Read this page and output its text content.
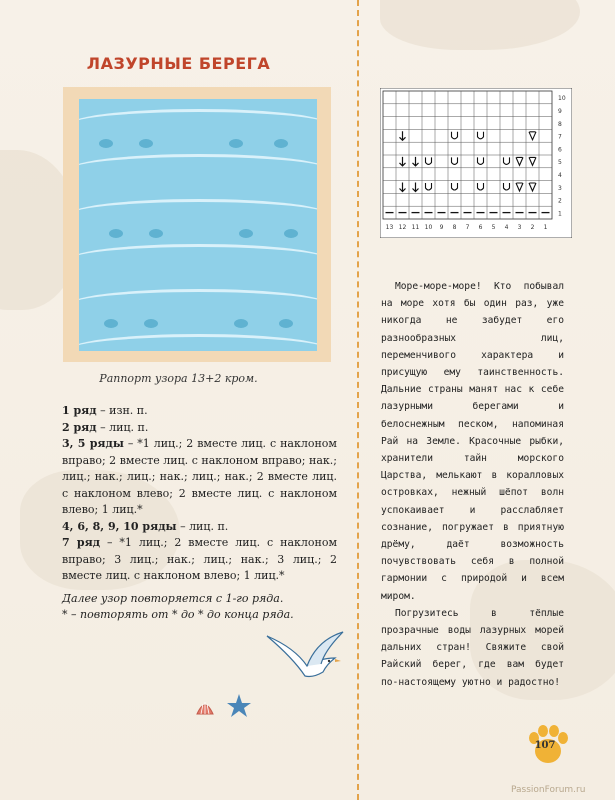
ЛАЗУРНЫЕ БЕРЕГА
Раппорт узора 13+2 кром.

1 ряд – изн. п.

2 ряд – лиц. п.

3, 5 ряды – *1 лиц.; 2 вместе лиц. с наклоном вправо; 2 вместе лиц. с наклоном вправо; нак.; лиц.; нак.; лиц.; нак.; лиц.; нак.; 2 вместе лиц. с наклоном влево; 2 вместе лиц. с наклоном влево; 1 лиц.*

4, 6, 8, 9, 10 ряды – лиц. п.

7 ряд – *1 лиц.; 2 вместе лиц. с наклоном вправо; 3 лиц.; нак.; лиц.; нак.; 3 лиц.; 2 вместе лиц. с наклоном влево; 1 лиц.*

Далее узор повторяется с 1-го ряда.

* – повторять от * до * до конца ряда.

10
9
8
7
6
5
4
3
2
1
13 12 11 10 9 8 7 6 5 4 3 2 1

Море-море-море! Кто побывал на море хотя бы один раз, уже никогда не забудет его разнообразных лиц, переменчивого характера и присущую ему таинственность. Дальние страны манят нас к себе лазурными берегами и белоснежным песком, напоминая Рай на Земле. Красочные рыбки, хранители тайн морского Царства, мелькают в коралловых островках, нежный шёпот волн успокаивает и расслабляет сознание, погружает в приятную дрёму, даёт возможность почувствовать себя в полной гармонии с природой и всем миром.

Погрузитесь в тёплые прозрачные воды лазурных морей дальних стран! Свяжите свой Райский берег, где вам будет по-настоящему уютно и радостно!

107
PassionForum.ru
